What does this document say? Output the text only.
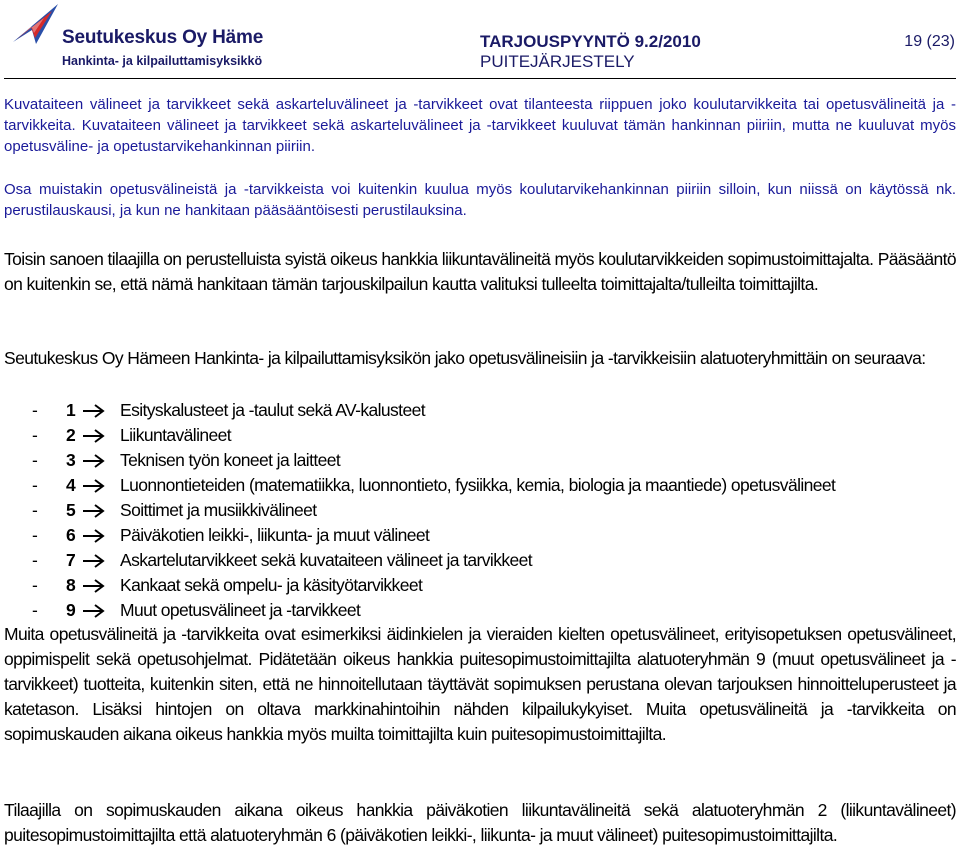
Seutukeskus Oy Häme
Hankinta- ja kilpailuttamisyksikkö
TARJOUSPYYNTÖ 9.2/2010
PUITEJÄRJESTELY
19 (23)

Kuvataiteen välineet ja tarvikkeet sekä askarteluvälineet ja -tarvikkeet ovat tilanteesta riippuen joko koulutarvikkeita tai opetusvälineitä ja -tarvikkeita. Kuvataiteen välineet ja tarvikkeet sekä askarteluvälineet ja -tarvikkeet kuuluvat tämän hankinnan piiriin, mutta ne kuuluvat myös opetusväline- ja opetustarvikehankinnan piiriin.

Osa muistakin opetusvälineistä ja -tarvikkeista voi kuitenkin kuulua myös koulutarvikehankinnan piiriin silloin, kun niissä on käytössä nk. perustilauskausi, ja kun ne hankitaan pääsääntöisesti perustilauksina.

Toisin sanoen tilaajilla on perustelluista syistä oikeus hankkia liikuntavälineitä myös koulutarvikkeiden sopimustoimittajalta. Pääsääntö on kuitenkin se, että nämä hankitaan tämän tarjouskilpailun kautta valituksi tulleelta toimittajalta/tulleilta toimittajilta.

Seutukeskus Oy Hämeen Hankinta- ja kilpailuttamisyksikön jako opetusvälineisiin ja -tarvikkeisiin alatuoteryhmittäin on seuraava:

-	1	Esityskalusteet ja -taulut sekä AV-kalusteet
-	2	Liikuntavälineet
-	3	Teknisen työn koneet ja laitteet
-	4	Luonnontieteiden (matematiikka, luonnontieto, fysiikka, kemia, biologia ja maantiede) opetusvälineet
-	5	Soittimet ja musiikkivälineet
-	6	Päiväkotien leikki-, liikunta- ja muut välineet
-	7	Askartelutarvikkeet sekä kuvataiteen välineet ja tarvikkeet
-	8	Kankaat sekä ompelu- ja käsityötarvikkeet
-	9	Muut opetusvälineet ja -tarvikkeet

Muita opetusvälineitä ja -tarvikkeita ovat esimerkiksi äidinkielen ja vieraiden kielten opetusvälineet, erityisopetuksen opetusvälineet, oppimispelit sekä opetusohjelmat. Pidätetään oikeus hankkia puitesopimustoimittajilta alatuoteryhmän 9 (muut opetusvälineet ja -tarvikkeet) tuotteita, kuitenkin siten, että ne hinnoitellutaan täyttävät sopimuksen perustana olevan tarjouksen hinnoitteluperusteet ja katetason. Lisäksi hintojen on oltava markkinahintoihin nähden kilpailukykyiset. Muita opetusvälineitä ja -tarvikkeita on sopimuskauden aikana oikeus hankkia myös muilta toimittajilta kuin puitesopimustoimittajilta.

Tilaajilla on sopimuskauden aikana oikeus hankkia päiväkotien liikuntavälineitä sekä alatuoteryhmän 2 (liikuntavälineet) puitesopimustoimittajilta että alatuoteryhmän 6 (päiväkotien leikki-, liikunta- ja muut välineet) puitesopimustoimittajilta.
